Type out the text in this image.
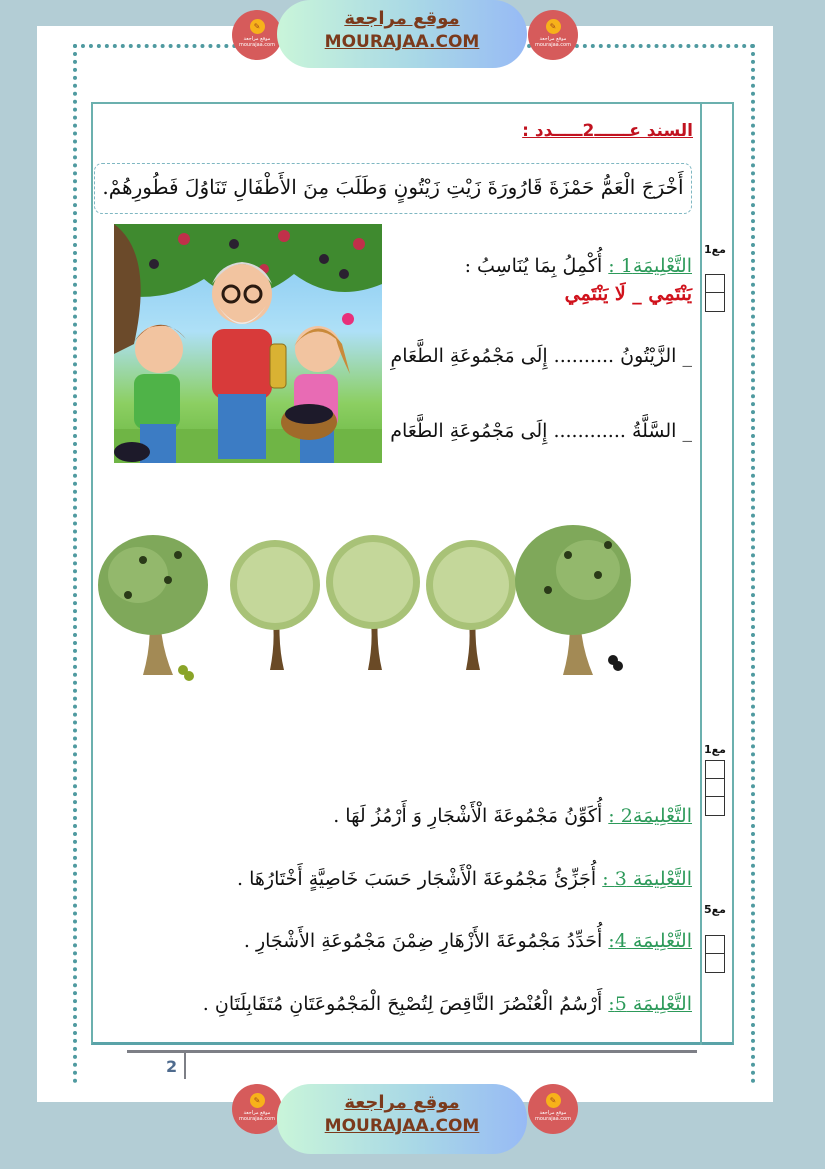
✎
موقع مراجعة mourajaa.com
موقع مراجعة
MOURAJAA.COM
✎
موقع مراجعة mourajaa.com
السند عــــــ2ـــــدد :
أَخْرَجَ الْعَمُّ حَمْزَةَ قَارُورَةَ زَيْتِ زَيْتُونٍ وَطَلَبَ مِنَ الأَطْفَالِ تَنَاوُلَ فَطُورِهُمْ.
التَّعْلِيمَة1 : أُكْمِلُ بِمَا يُنَاسِبُ :
يَنْتَمِي _ لَا يَنْتَمِي
_ الزَّيْتُونُ .......... إِلَى مَجْمُوعَةِ الطَّعَامِ
_ السَّلَّةُ ............ إِلَى مَجْمُوعَةِ الطَّعَام
مع1
مع1
مع5
التَّعْلِيمَة2 : أُكَوِّنُ مَجْمُوعَةَ الْأَشْجَارِ وَ أَرْمُزُ لَهَا .
التَّعْلِيمَة 3 : أُجَزِّئُ مَجْمُوعَةَ الْأَشْجَار حَسَبَ خَاصِيَّةٍ أَخْتَارُهَا .
التَّعْلِيمَة 4: أُحَدِّدُ مَجْمُوعَةَ الأَزْهَارِ ضِمْنَ مَجْمُوعَةِ الأَشْجَارِ .
التَّعْلِيمَة 5: أَرْسُمُ الْعُنْصُرَ النَّاقِصَ لِتُصْبِحَ الْمَجْمُوعَتَانِ مُتَقَابِلَتَانِ .
2
✎
موقع مراجعة mourajaa.com
موقع مراجعة
MOURAJAA.COM
✎
موقع مراجعة mourajaa.com
